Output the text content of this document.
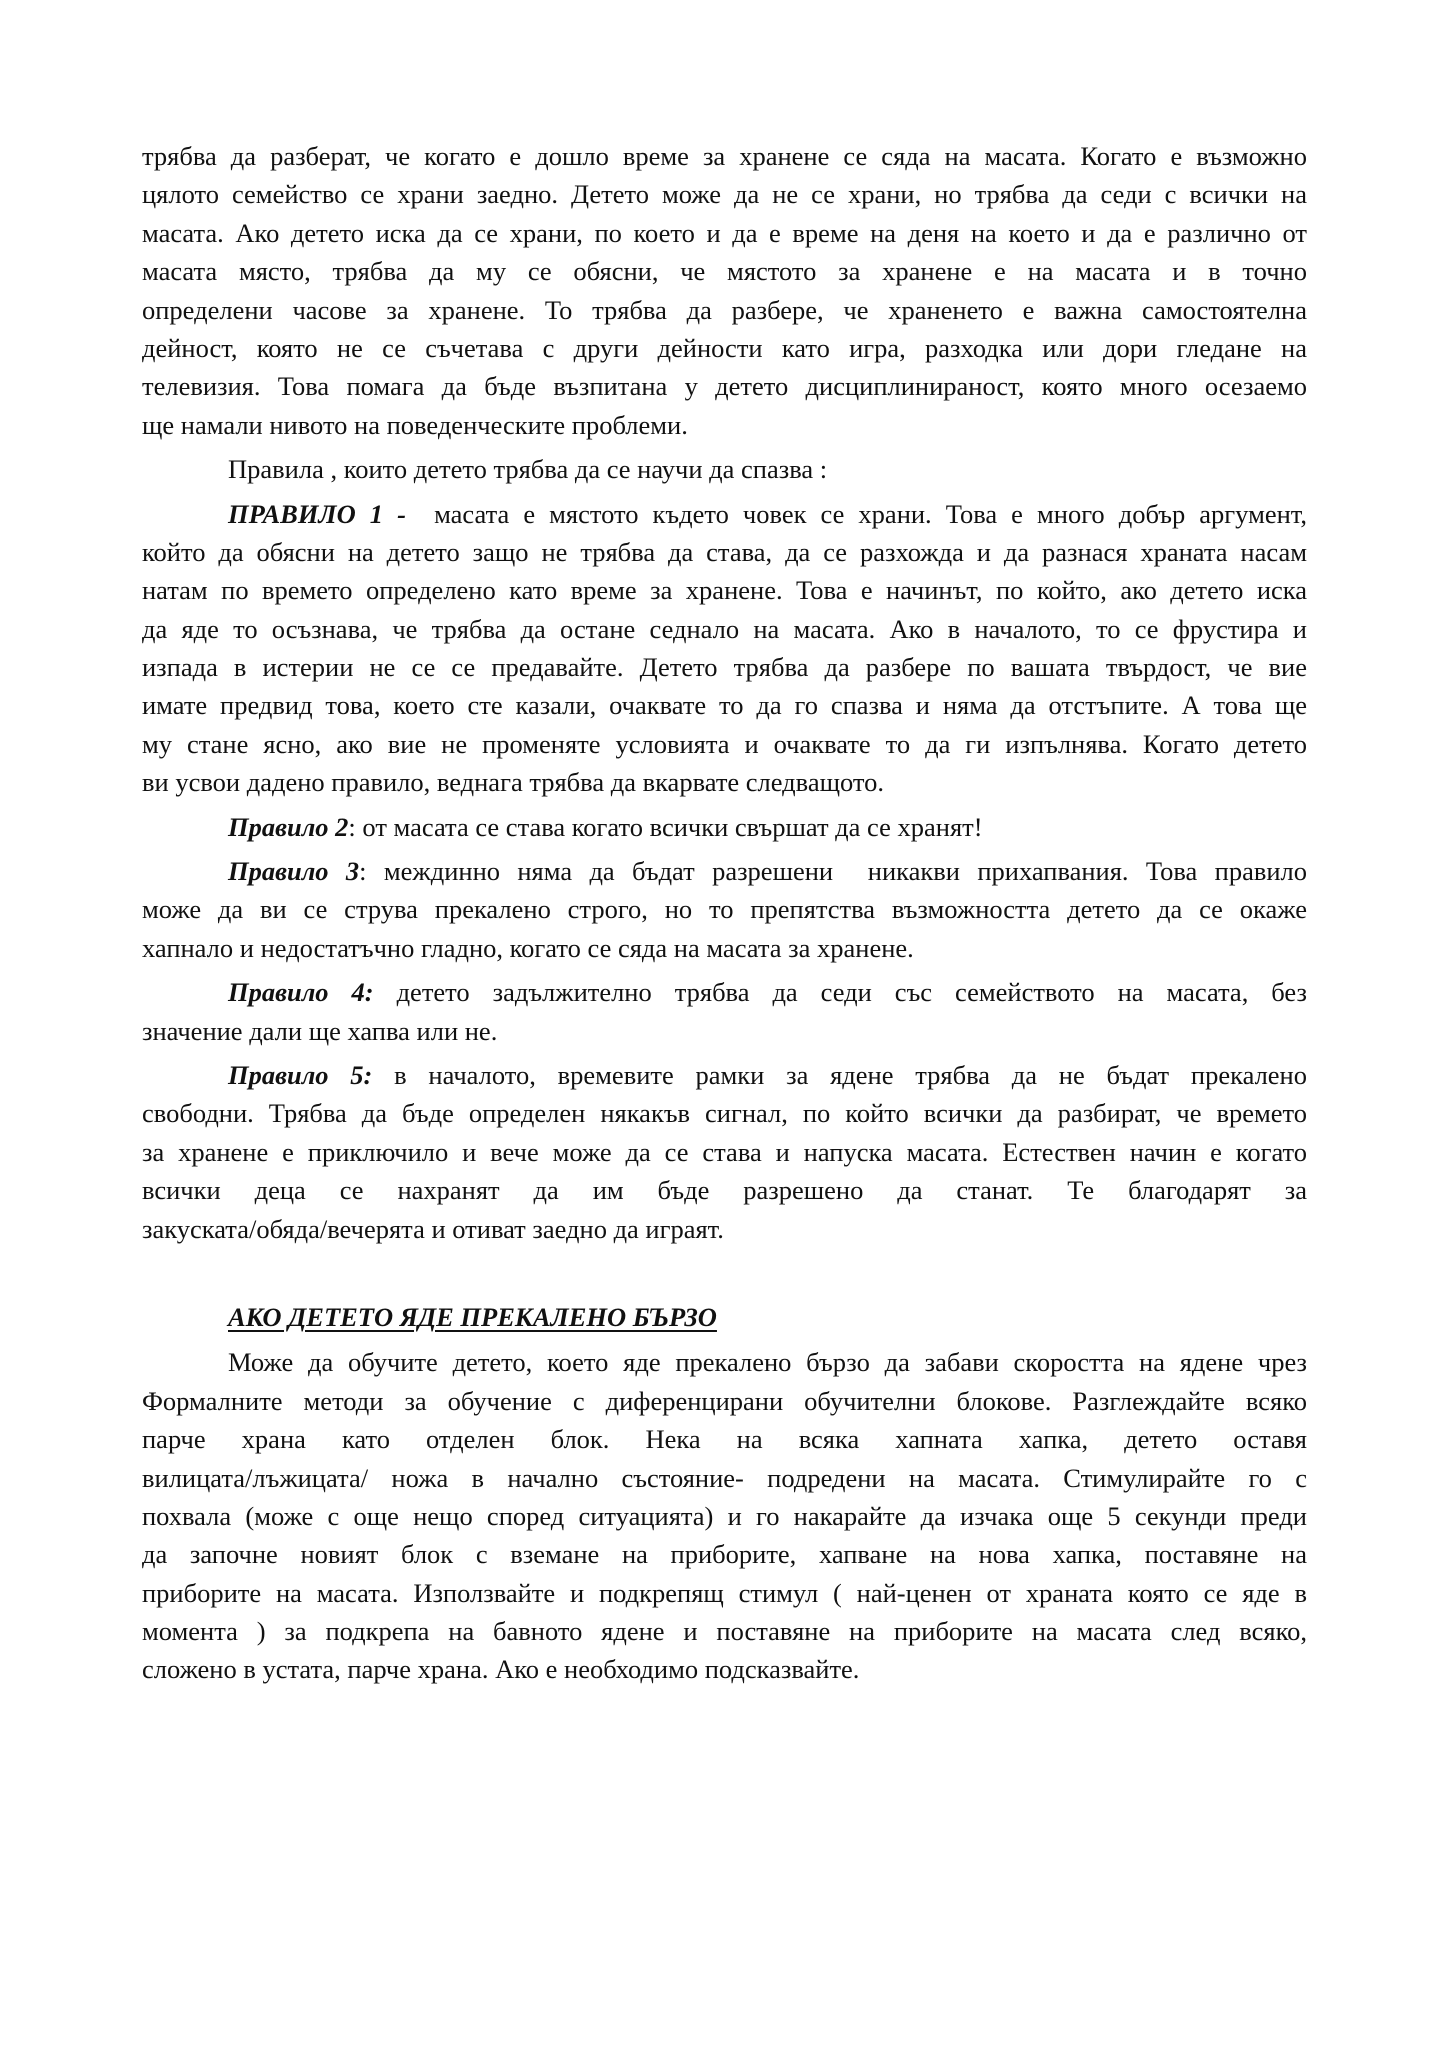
трябва да разберат, че когато е дошло време за хранене се сяда на масата. Когато е възможно
цялото семейство се храни заедно. Детето може да не се храни, но трябва да седи с всички на
масата. Ако детето иска да се храни, по което и да е време на деня на което и да е различно от
масата място, трябва да му се обясни, че мястото за хранене е на масата и в точно
определени часове за хранене. То трябва да разбере, че храненето е важна самостоятелна
дейност, която не се съчетава с други дейности като игра, разходка или дори гледане на
телевизия. Това помага да бъде възпитана у детето дисциплинираност, която много осезаемо
ще намали нивото на поведенческите проблеми.
Правила , които детето трябва да се научи да спазва :
ПРАВИЛО 1 -  масата е мястото където човек се храни. Това е много добър аргумент,
който да обясни на детето защо не трябва да става, да се разхожда и да разнася храната насам
натам по времето определено като време за хранене. Това е начинът, по който, ако детето иска
да яде то осъзнава, че трябва да остане седнало на масата. Ако в началото, то се фрустира и
изпада в истерии не се се предавайте. Детето трябва да разбере по вашата твърдост, че вие
имате предвид това, което сте казали, очаквате то да го спазва и няма да отстъпите. А това ще
му стане ясно, ако вие не променяте условията и очаквате то да ги изпълнява. Когато детето
ви усвои дадено правило, веднага трябва да вкарвате следващото.
Правило 2: от масата се става когато всички свършат да се хранят!
Правило 3: междинно няма да бъдат разрешени  никакви прихапвания. Това правило
може да ви се струва прекалено строго, но то препятства възможността детето да се окаже
хапнало и недостатъчно гладно, когато се сяда на масата за хранене.
Правило 4: детето задължително трябва да седи със семейството на масата, без
значение дали ще хапва или не.
Правило 5: в началото, времевите рамки за ядене трябва да не бъдат прекалено
свободни. Трябва да бъде определен някакъв сигнал, по който всички да разбират, че времето
за хранене е приключило и вече може да се става и напуска масата. Естествен начин е когато
всички деца се нахранят да им бъде разрешено да станат. Те благодарят за
закуската/обяда/вечерята и отиват заедно да играят.
АКО ДЕТЕТО ЯДЕ ПРЕКАЛЕНО БЪРЗО
Може да обучите детето, което яде прекалено бързо да забави скоростта на ядене чрез
Формалните методи за обучение с диференцирани обучителни блокове. Разглеждайте всяко
парче храна като отделен блок. Нека на всяка хапната хапка, детето оставя
вилицата/лъжицата/ ножа в начално състояние- подредени на масата. Стимулирайте го с
похвала (може с още нещо според ситуацията) и го накарайте да изчака още 5 секунди преди
да започне новият блок с вземане на приборите, хапване на нова хапка, поставяне на
приборите на масата. Използвайте и подкрепящ стимул ( най-ценен от храната която се яде в
момента ) за подкрепа на бавното ядене и поставяне на приборите на масата след всяко,
сложено в устата, парче храна. Ако е необходимо подсказвайте.
